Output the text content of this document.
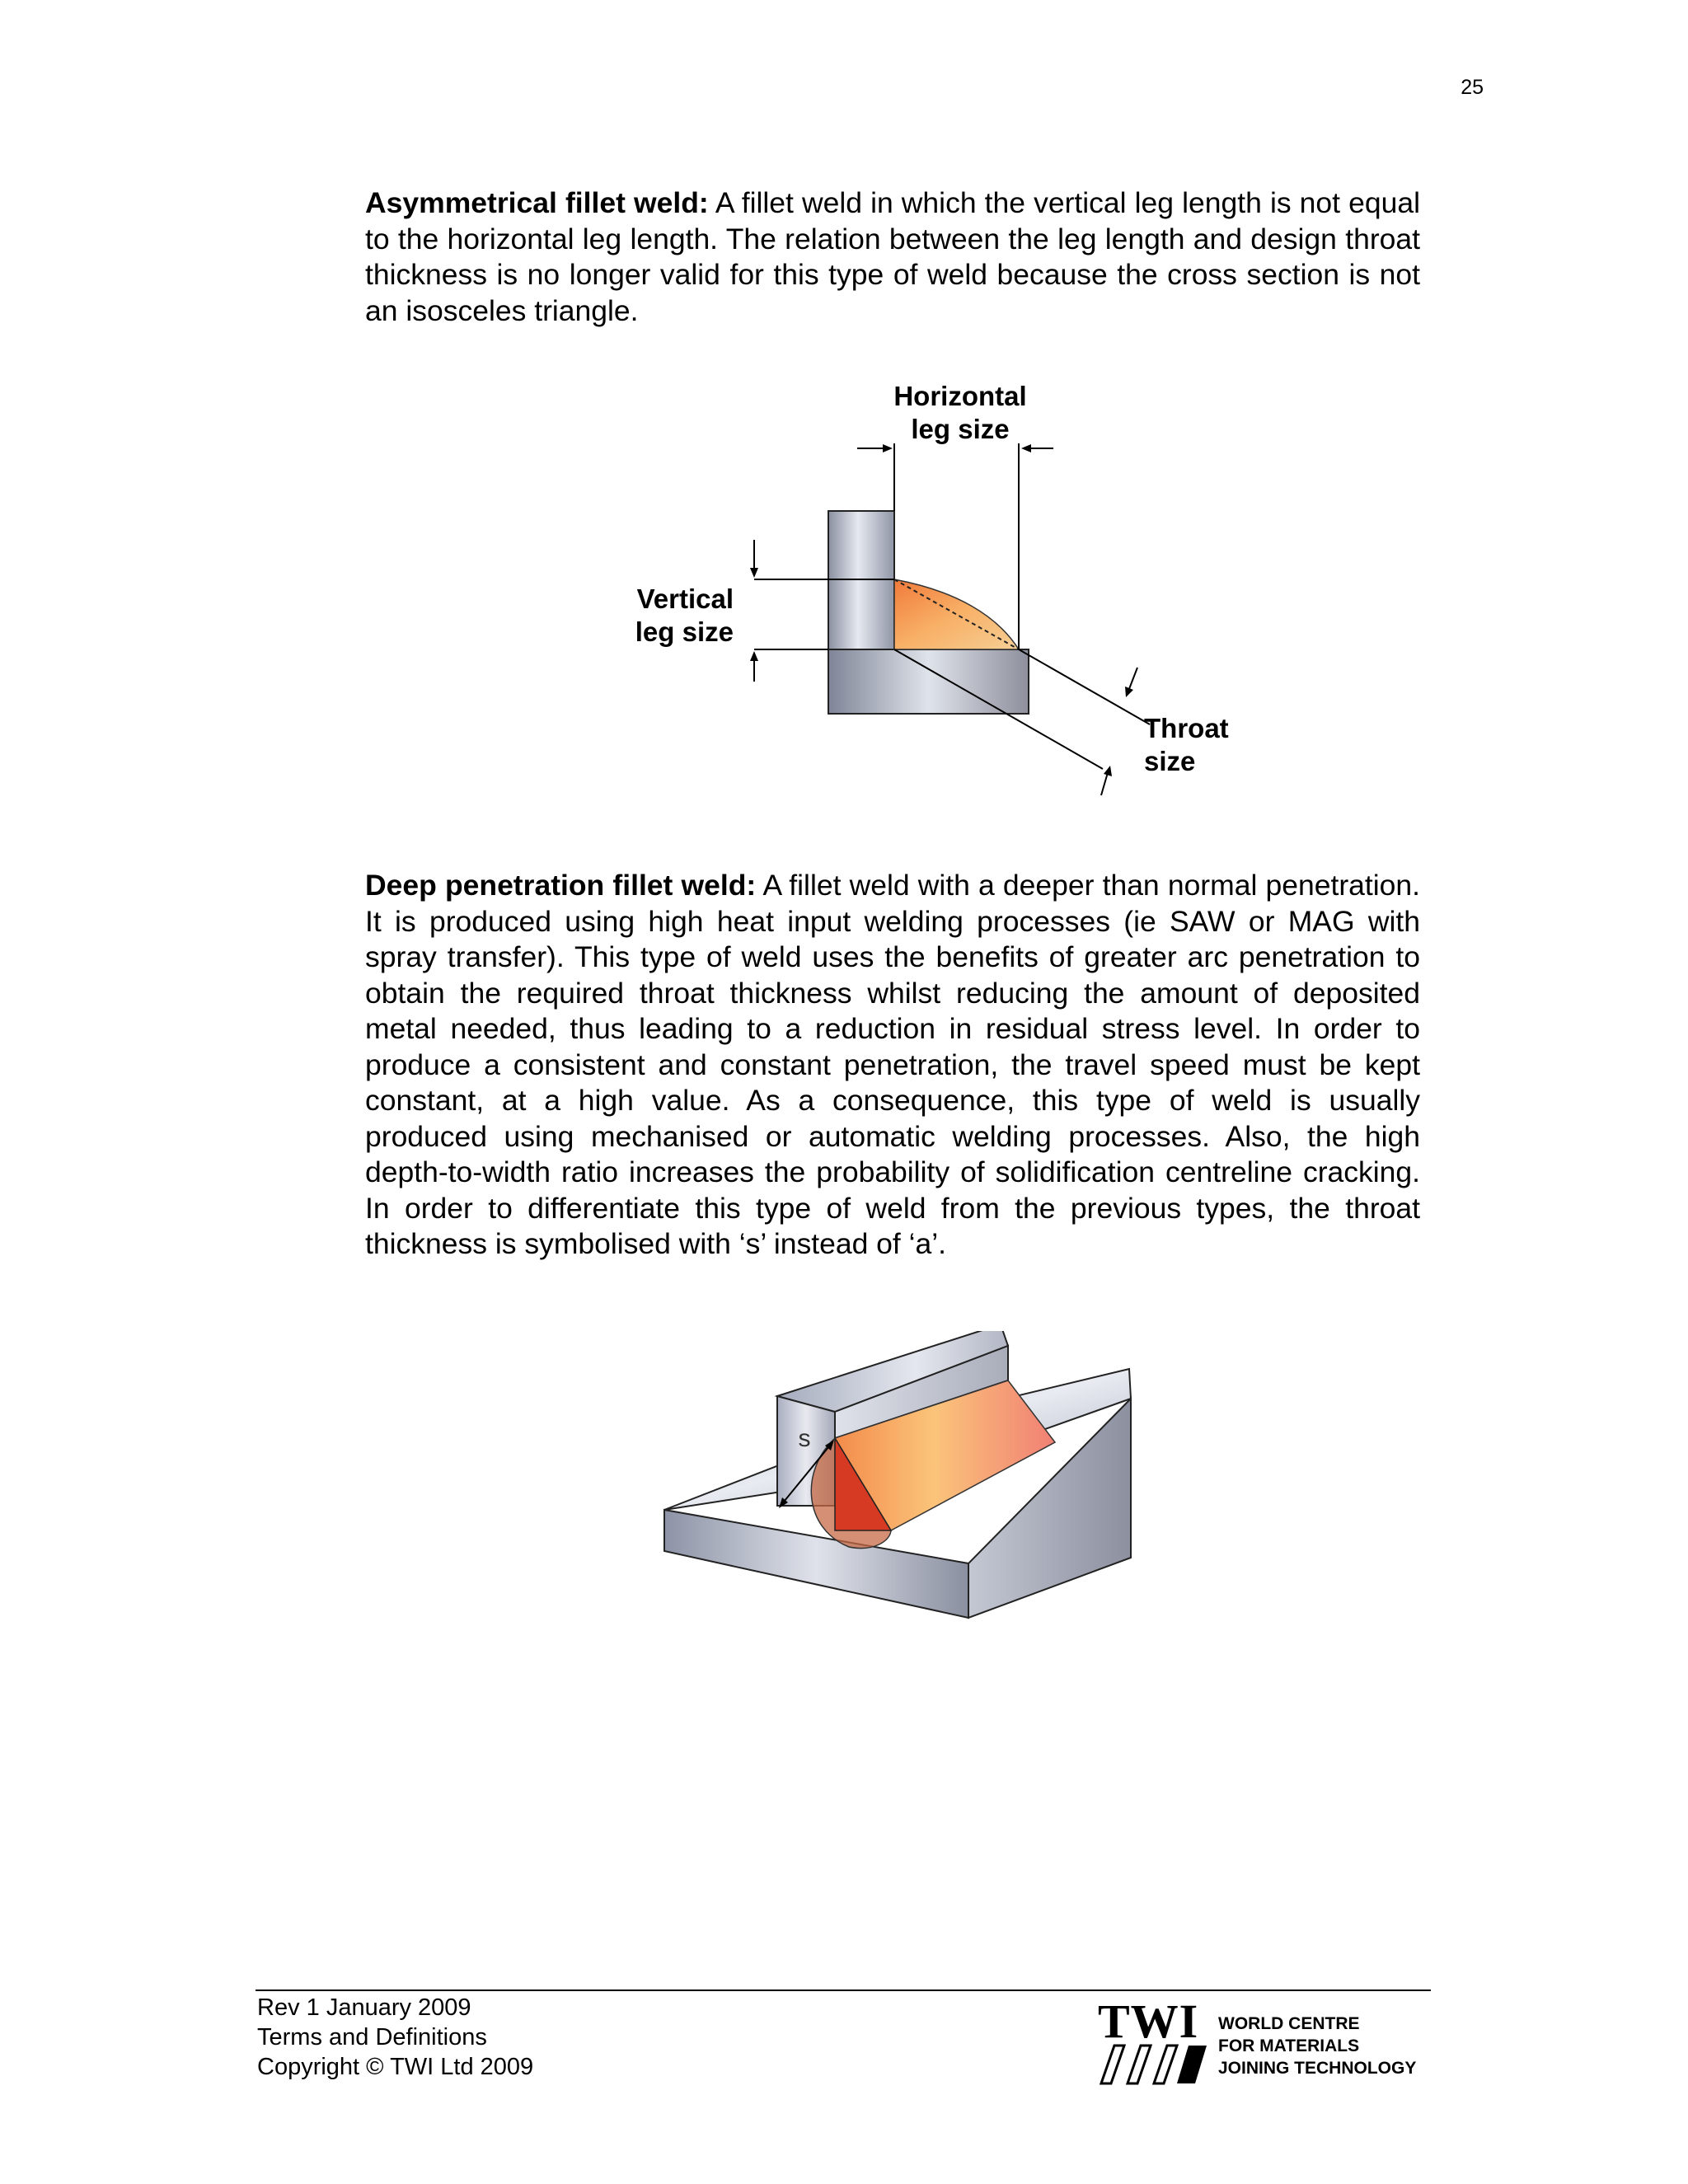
25
Asymmetrical fillet weld: A fillet weld in which the vertical leg length is not equal to the horizontal leg length. The relation between the leg length and design throat thickness is no longer valid for this type of weld because the cross section is not an isosceles triangle.
Horizontal
leg size
Vertical
leg size
Throat
size
Deep penetration fillet weld: A fillet weld with a deeper than normal penetration. It is produced using high heat input welding processes (ie SAW or MAG with spray transfer). This type of weld uses the benefits of greater arc penetration to obtain the required throat thickness whilst reducing the amount of deposited metal needed, thus leading to a reduction in residual stress level. In order to produce a consistent and constant penetration, the travel speed must be kept constant, at a high value. As a consequence, this type of weld is usually produced using mechanised or automatic welding processes. Also, the high depth-to-width ratio increases the probability of solidification centreline cracking. In order to differentiate this type of weld from the previous types, the throat thickness is symbolised with ‘s’ instead of ‘a’.
s
Rev 1 January 2009
Terms and Definitions
Copyright © TWI Ltd 2009
TWI WORLD CENTRE
FOR MATERIALS
JOINING TECHNOLOGY
